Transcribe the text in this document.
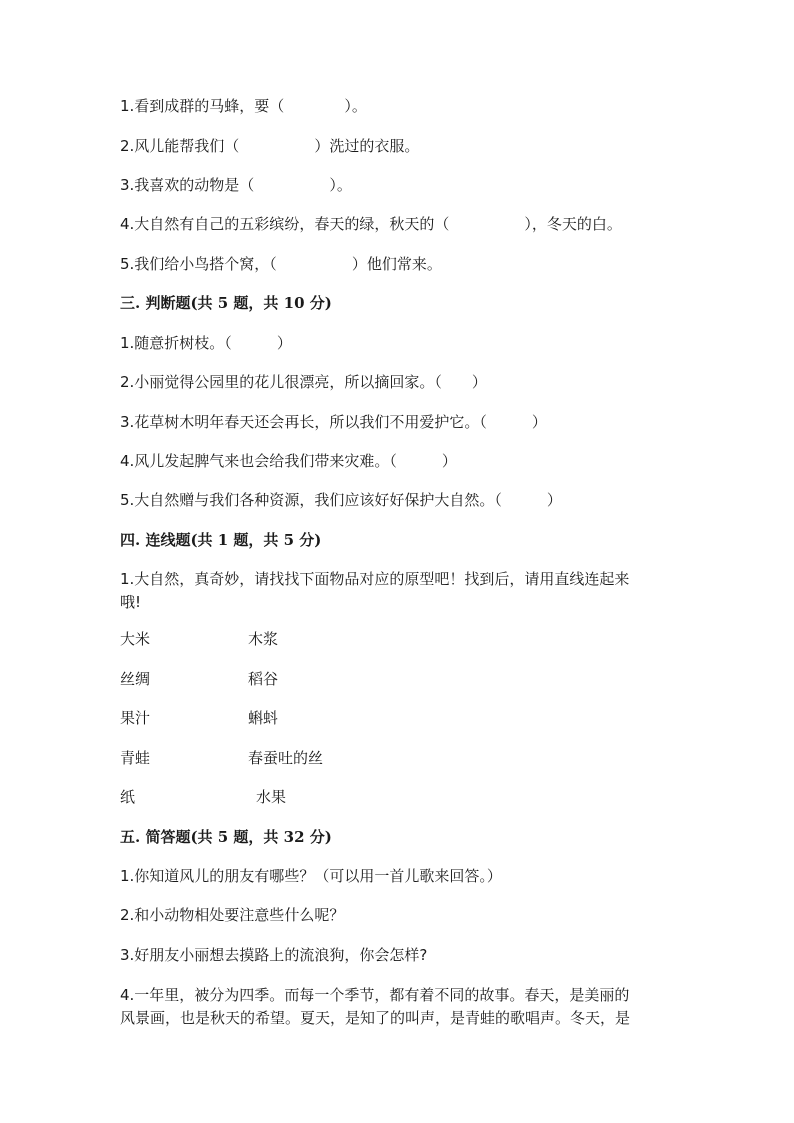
1.看到成群的马蜂，要（　　　　）。
2.风儿能帮我们（　　　　　）洗过的衣服。
3.我喜欢的动物是（　　　　　）。
4.大自然有自己的五彩缤纷，春天的绿，秋天的（　　　　　），冬天的白。
5.我们给小鸟搭个窝，（　　　　　）他们常来。
三. 判断题(共 5 题，共 10 分)
1.随意折树枝。（　　　）
2.小丽觉得公园里的花儿很漂亮，所以摘回家。（　　）
3.花草树木明年春天还会再长，所以我们不用爱护它。（　　　）
4.风儿发起脾气来也会给我们带来灾难。（　　　）
5.大自然赠与我们各种资源，我们应该好好保护大自然。（　　　）
四. 连线题(共 1 题，共 5 分)
1.大自然，真奇妙，请找找下面物品对应的原型吧！找到后，请用直线连起来
哦!
大米	木浆
丝绸	稻谷
果汁	蝌蚪
青蛙	春蚕吐的丝
纸	水果
五. 简答题(共 5 题，共 32 分)
1.你知道风儿的朋友有哪些？（可以用一首儿歌来回答。）
2.和小动物相处要注意些什么呢？
3.好朋友小丽想去摸路上的流浪狗，你会怎样?
4.一年里，被分为四季。而每一个季节，都有着不同的故事。春天，是美丽的
风景画，也是秋天的希望。夏天，是知了的叫声，是青蛙的歌唱声。冬天，是
